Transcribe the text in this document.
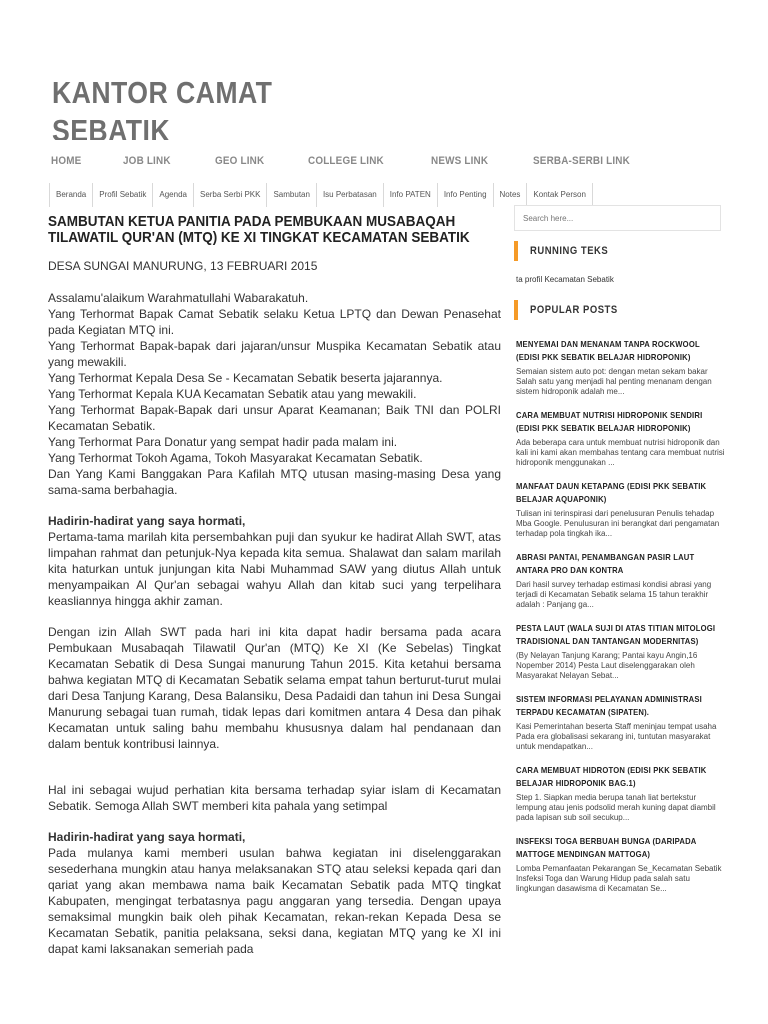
KANTOR CAMAT SEBATIK
HOME	JOB LINK	GEO LINK	COLLEGE LINK	NEWS LINK	SERBA-SERBI LINK
Beranda	Profil Sebatik	Agenda	Serba Serbi PKK	Sambutan	Isu Perbatasan	Info PATEN	Info Penting	Notes	Kontak Person
SAMBUTAN KETUA PANITIA PADA PEMBUKAAN MUSABAQAH TILAWATIL QUR'AN (MTQ) KE XI TINGKAT KECAMATAN SEBATIK

DESA SUNGAI MANURUNG, 13 FEBRUARI 2015

Assalamu'alaikum Warahmatullahi Wabarakatuh.

Yang Terhormat Bapak Camat Sebatik selaku Ketua LPTQ dan Dewan Penasehat pada Kegiatan MTQ ini.

Yang Terhormat Bapak-bapak dari jajaran/unsur Muspika Kecamatan Sebatik atau yang mewakili.

Yang Terhormat Kepala Desa Se - Kecamatan Sebatik beserta jajarannya.

Yang Terhormat Kepala KUA Kecamatan Sebatik atau yang mewakili.

Yang Terhormat Bapak-Bapak dari unsur Aparat Keamanan; Baik TNI dan POLRI Kecamatan Sebatik.

Yang Terhormat Para Donatur yang sempat hadir pada malam ini.

Yang Terhormat Tokoh Agama, Tokoh Masyarakat Kecamatan Sebatik.

Dan Yang Kami Banggakan Para Kafilah MTQ utusan masing-masing Desa yang sama-sama berbahagia.

Hadirin-hadirat yang saya hormati,

Pertama-tama marilah kita persembahkan puji dan syukur ke hadirat Allah SWT, atas limpahan rahmat dan petunjuk-Nya kepada kita semua. Shalawat dan salam marilah kita haturkan untuk junjungan kita Nabi Muhammad SAW yang diutus Allah untuk menyampaikan Al Qur'an sebagai wahyu Allah dan kitab suci yang terpelihara keasliannya hingga akhir zaman.

Dengan izin Allah SWT pada hari ini kita dapat hadir bersama pada acara Pembukaan Musabaqah Tilawatil Qur'an (MTQ) Ke XI (Ke Sebelas) Tingkat Kecamatan Sebatik di Desa Sungai manurung Tahun 2015. Kita ketahui bersama bahwa kegiatan MTQ di Kecamatan Sebatik selama empat tahun berturut-turut mulai dari Desa Tanjung Karang, Desa Balansiku, Desa Padaidi dan tahun ini Desa Sungai Manurung sebagai tuan rumah, tidak lepas dari komitmen antara 4 Desa dan pihak Kecamatan untuk saling bahu membahu khususnya dalam hal pendanaan dan dalam bentuk kontribusi lainnya.

Hal ini sebagai wujud perhatian kita bersama terhadap syiar islam di Kecamatan Sebatik. Semoga Allah SWT memberi kita pahala yang setimpal

Hadirin-hadirat yang saya hormati,

Pada mulanya kami memberi usulan bahwa kegiatan ini diselenggarakan sesederhana mungkin atau hanya melaksanakan STQ atau seleksi kepada qari dan qariat yang akan membawa nama baik Kecamatan Sebatik pada MTQ tingkat Kabupaten, mengingat terbatasnya pagu anggaran yang tersedia. Dengan upaya semaksimal mungkin baik oleh pihak Kecamatan, rekan-rekan Kepada Desa se Kecamatan Sebatik, panitia pelaksana, seksi dana, kegiatan MTQ yang ke XI ini dapat kami laksanakan semeriah pada

Search here...
RUNNING TEKS
ta profil Kecamatan Sebatik
POPULAR POSTS
MENYEMAI DAN MENANAM TANPA ROCKWOOL (EDISI PKK SEBATIK BELAJAR HIDROPONIK)
Semaian sistem auto pot: dengan metan sekam bakar Salah satu yang menjadi hal penting menanam dengan sistem hidroponik adalah me...
CARA MEMBUAT NUTRISI HIDROPONIK SENDIRI (EDISI PKK SEBATIK BELAJAR HIDROPONIK)
Ada beberapa cara untuk membuat nutrisi hidroponik dan kali ini kami akan membahas tentang cara membuat nutrisi hidroponik menggunakan ...
MANFAAT DAUN KETAPANG (EDISI PKK SEBATIK BELAJAR AQUAPONIK)
Tulisan ini terinspirasi dari penelusuran Penulis tehadap Mba Google. Penulusuran ini berangkat dari pengamatan terhadap pola tingkah ika...
ABRASI PANTAI, PENAMBANGAN PASIR LAUT ANTARA PRO DAN KONTRA
Dari hasil survey terhadap estimasi kondisi abrasi yang terjadi di Kecamatan Sebatik selama 15 tahun terakhir adalah : Panjang ga...
PESTA LAUT (WALA SUJI DI ATAS TITIAN MITOLOGI TRADISIONAL DAN TANTANGAN MODERNITAS)
(By Nelayan Tanjung Karang; Pantai kayu Angin,16 Nopember 2014) Pesta Laut diselenggarakan oleh Masyarakat Nelayan Sebat...
SISTEM INFORMASI PELAYANAN ADMINISTRASI TERPADU KECAMATAN (SIPATEN).
Kasi Pemerintahan beserta Staff meninjau tempat usaha Pada era globalisasi sekarang ini, tuntutan masyarakat untuk mendapatkan...
CARA MEMBUAT HIDROTON (EDISI PKK SEBATIK BELAJAR HIDROPONIK BAG.1)
Step 1. Siapkan media berupa tanah liat bertekstur lempung atau jenis podsolid merah kuning dapat diambil pada lapisan sub soil secukup...
INSFEKSI TOGA BERBUAH BUNGA (DARIPADA MATTOGE MENDINGAN MATTOGA)
Lomba Pemanfaatan Pekarangan Se_Kecamatan Sebatik Insfeksi Toga dan Warung Hidup pada salah satu lingkungan dasawisma di Kecamatan Se...
